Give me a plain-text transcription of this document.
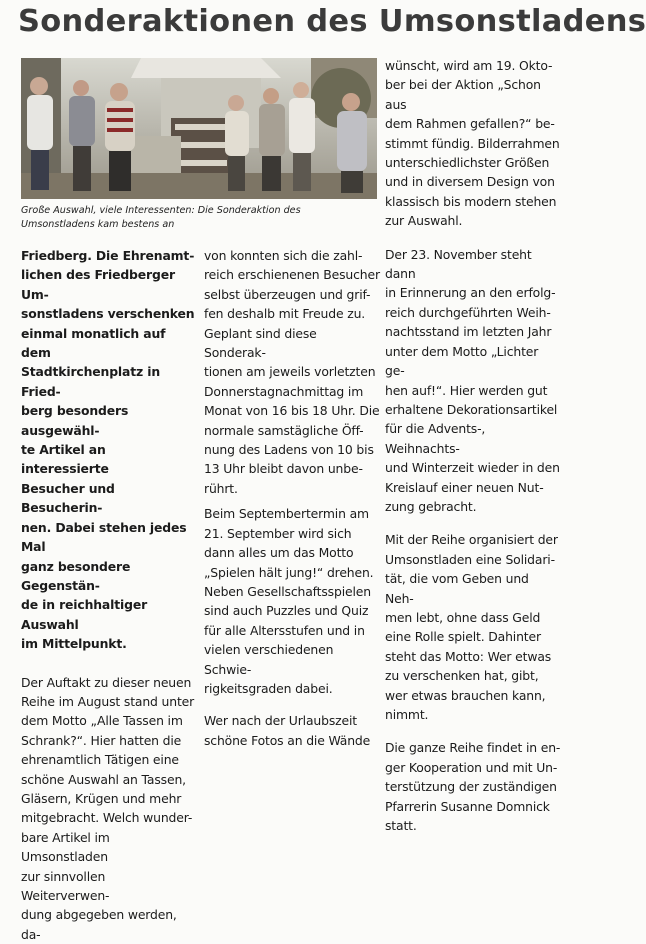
Sonderaktionen des Umsonstladens

Große Auswahl, viele Interessenten: Die Sonderaktion des
Umsonstladens kam bestens an

Friedberg. Die Ehrenamt-
lichen des Friedberger Um-
sonstladens verschenken
einmal monatlich auf dem
Stadtkirchenplatz in Fried-
berg besonders ausgewähl-
te Artikel an interessierte
Besucher und Besucherin-
nen. Dabei stehen jedes Mal
ganz besondere Gegenstän-
de in reichhaltiger Auswahl
im Mittelpunkt.

Der Auftakt zu dieser neuen
Reihe im August stand unter
dem Motto „Alle Tassen im
Schrank?“. Hier hatten die
ehrenamtlich Tätigen eine
schöne Auswahl an Tassen,
Gläsern, Krügen und mehr
mitgebracht. Welch wunder-
bare Artikel im Umsonstladen
zur sinnvollen Weiterverwen-
dung abgegeben werden, da-

von konnten sich die zahl-
reich erschienenen Besucher
selbst überzeugen und grif-
fen deshalb mit Freude zu.
Geplant sind diese Sonderak-
tionen am jeweils vorletzten
Donnerstagnachmittag im
Monat von 16 bis 18 Uhr. Die
normale samstägliche Öff-
nung des Ladens von 10 bis
13 Uhr bleibt davon unbe-
rührt.

Beim Septembertermin am
21. September wird sich
dann alles um das Motto
„Spielen hält jung!“ drehen.
Neben Gesellschaftsspielen
sind auch Puzzles und Quiz
für alle Altersstufen und in
vielen verschiedenen Schwie-
rigkeitsgraden dabei.

Wer nach der Urlaubszeit
schöne Fotos an die Wände

wünscht, wird am 19. Okto-
ber bei der Aktion „Schon aus
dem Rahmen gefallen?“ be-
stimmt fündig. Bilderrahmen
unterschiedlichster Größen
und in diversem Design von
klassisch bis modern stehen
zur Auswahl.

Der 23. November steht dann
in Erinnerung an den erfolg-
reich durchgeführten Weih-
nachtsstand im letzten Jahr
unter dem Motto „Lichter ge-
hen auf!“. Hier werden gut
erhaltene Dekorationsartikel
für die Advents-, Weihnachts-
und Winterzeit wieder in den
Kreislauf einer neuen Nut-
zung gebracht.

Mit der Reihe organisiert der
Umsonstladen eine Solidari-
tät, die vom Geben und Neh-
men lebt, ohne dass Geld
eine Rolle spielt. Dahinter
steht das Motto: Wer etwas
zu verschenken hat, gibt,
wer etwas brauchen kann,
nimmt.

Die ganze Reihe findet in en-
ger Kooperation und mit Un-
terstützung der zuständigen
Pfarrerin Susanne Domnick
statt.
